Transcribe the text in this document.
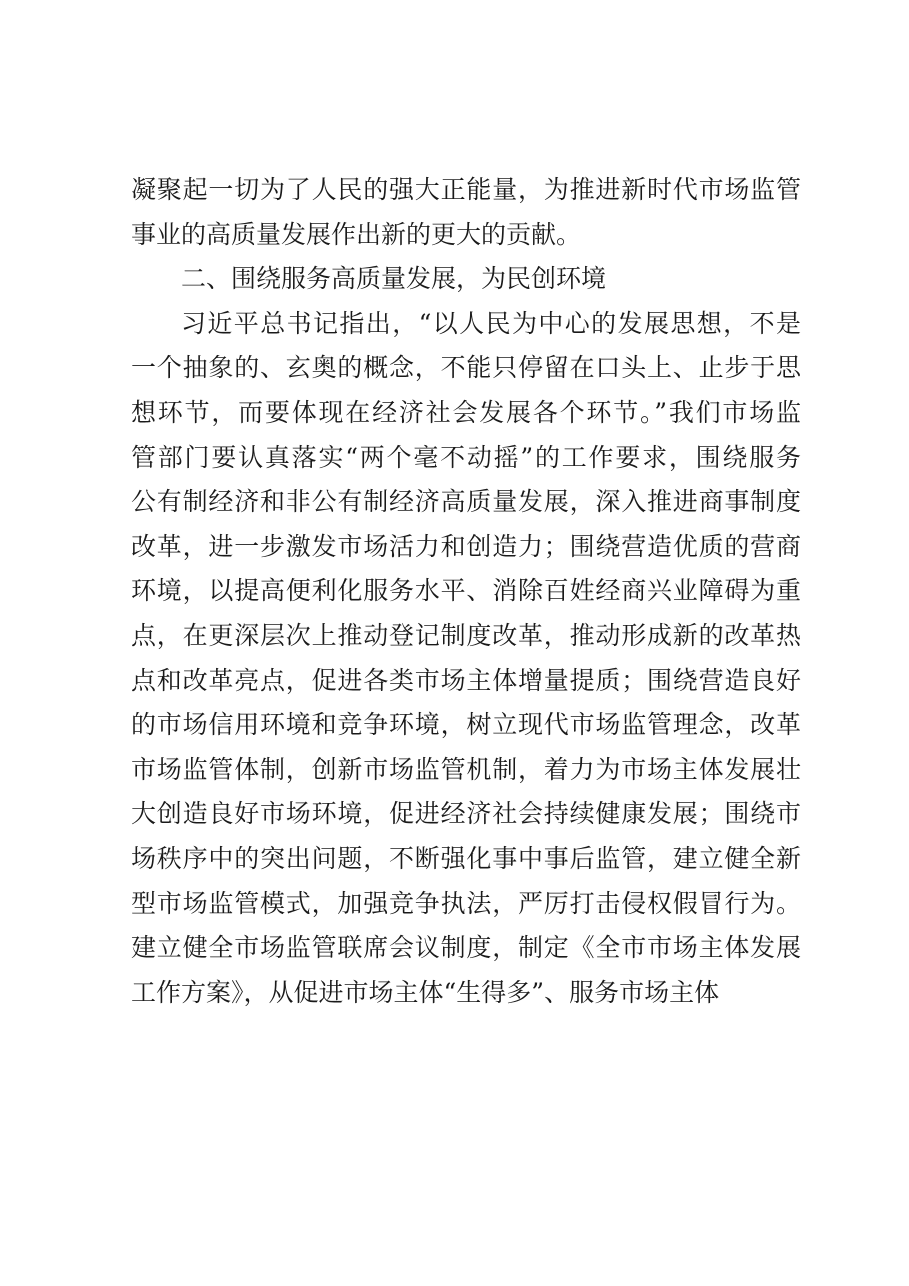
凝聚起一切为了人民的强大正能量，为推进新时代市场监管
事业的高质量发展作出新的更大的贡献。
二、围绕服务高质量发展，为民创环境
习近平总书记指出，“以人民为中心的发展思想，不是
一个抽象的、玄奥的概念，不能只停留在口头上、止步于思
想环节，而要体现在经济社会发展各个环节。”我们市场监
管部门要认真落实“两个毫不动摇”的工作要求，围绕服务
公有制经济和非公有制经济高质量发展，深入推进商事制度
改革，进一步激发市场活力和创造力；围绕营造优质的营商
环境，以提高便利化服务水平、消除百姓经商兴业障碍为重
点，在更深层次上推动登记制度改革，推动形成新的改革热
点和改革亮点，促进各类市场主体增量提质；围绕营造良好
的市场信用环境和竞争环境，树立现代市场监管理念，改革
市场监管体制，创新市场监管机制，着力为市场主体发展壮
大创造良好市场环境，促进经济社会持续健康发展；围绕市
场秩序中的突出问题，不断强化事中事后监管，建立健全新
型市场监管模式，加强竞争执法，严厉打击侵权假冒行为。
建立健全市场监管联席会议制度，制定《全市市场主体发展
工作方案》，从促进市场主体“生得多”、服务市场主体
